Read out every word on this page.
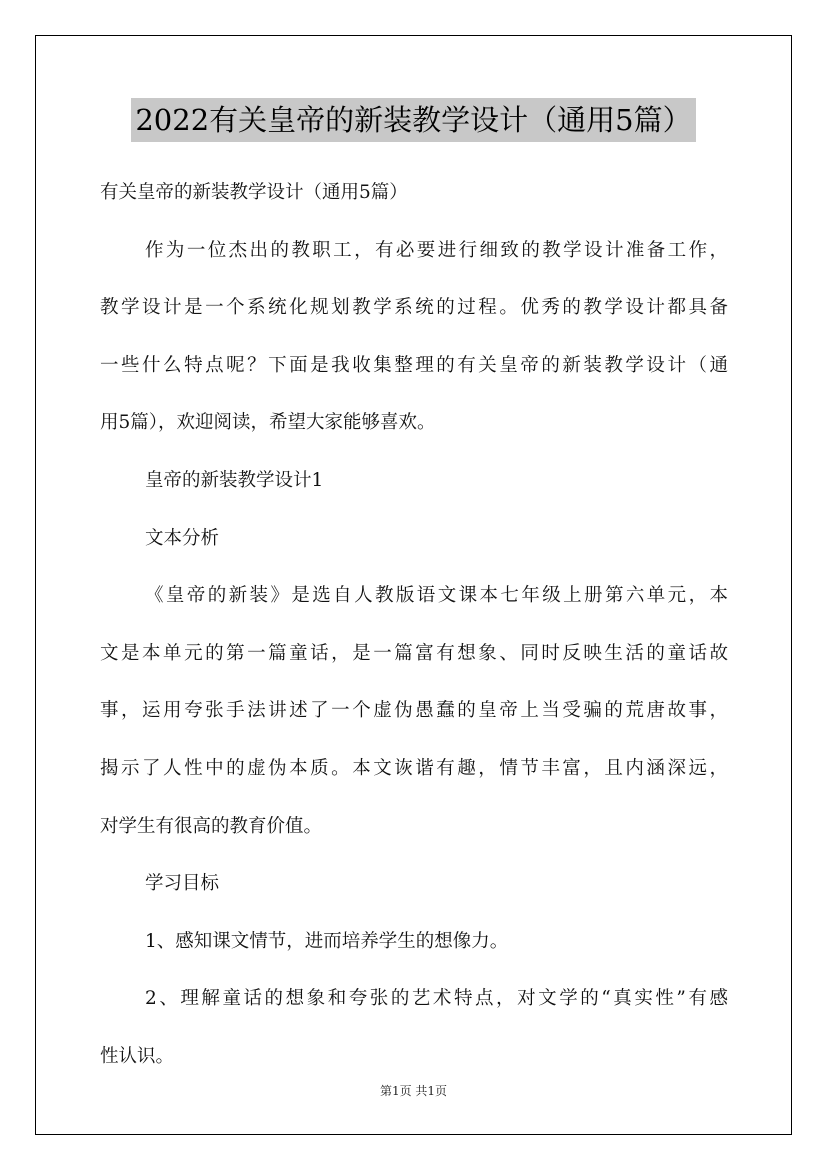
2022有关皇帝的新装教学设计（通用5篇）
有关皇帝的新装教学设计（通用5篇）
作为一位杰出的教职工，有必要进行细致的教学设计准备工作，
教学设计是一个系统化规划教学系统的过程。优秀的教学设计都具备
一些什么特点呢？下面是我收集整理的有关皇帝的新装教学设计（通
用5篇），欢迎阅读，希望大家能够喜欢。
皇帝的新装教学设计1
文本分析
《皇帝的新装》是选自人教版语文课本七年级上册第六单元，本
文是本单元的第一篇童话，是一篇富有想象、同时反映生活的童话故
事，运用夸张手法讲述了一个虚伪愚蠢的皇帝上当受骗的荒唐故事，
揭示了人性中的虚伪本质。本文诙谐有趣，情节丰富，且内涵深远，
对学生有很高的教育价值。
学习目标
1、感知课文情节，进而培养学生的想像力。
2、理解童话的想象和夸张的艺术特点，对文学的“真实性”有感
性认识。
第1页 共1页
